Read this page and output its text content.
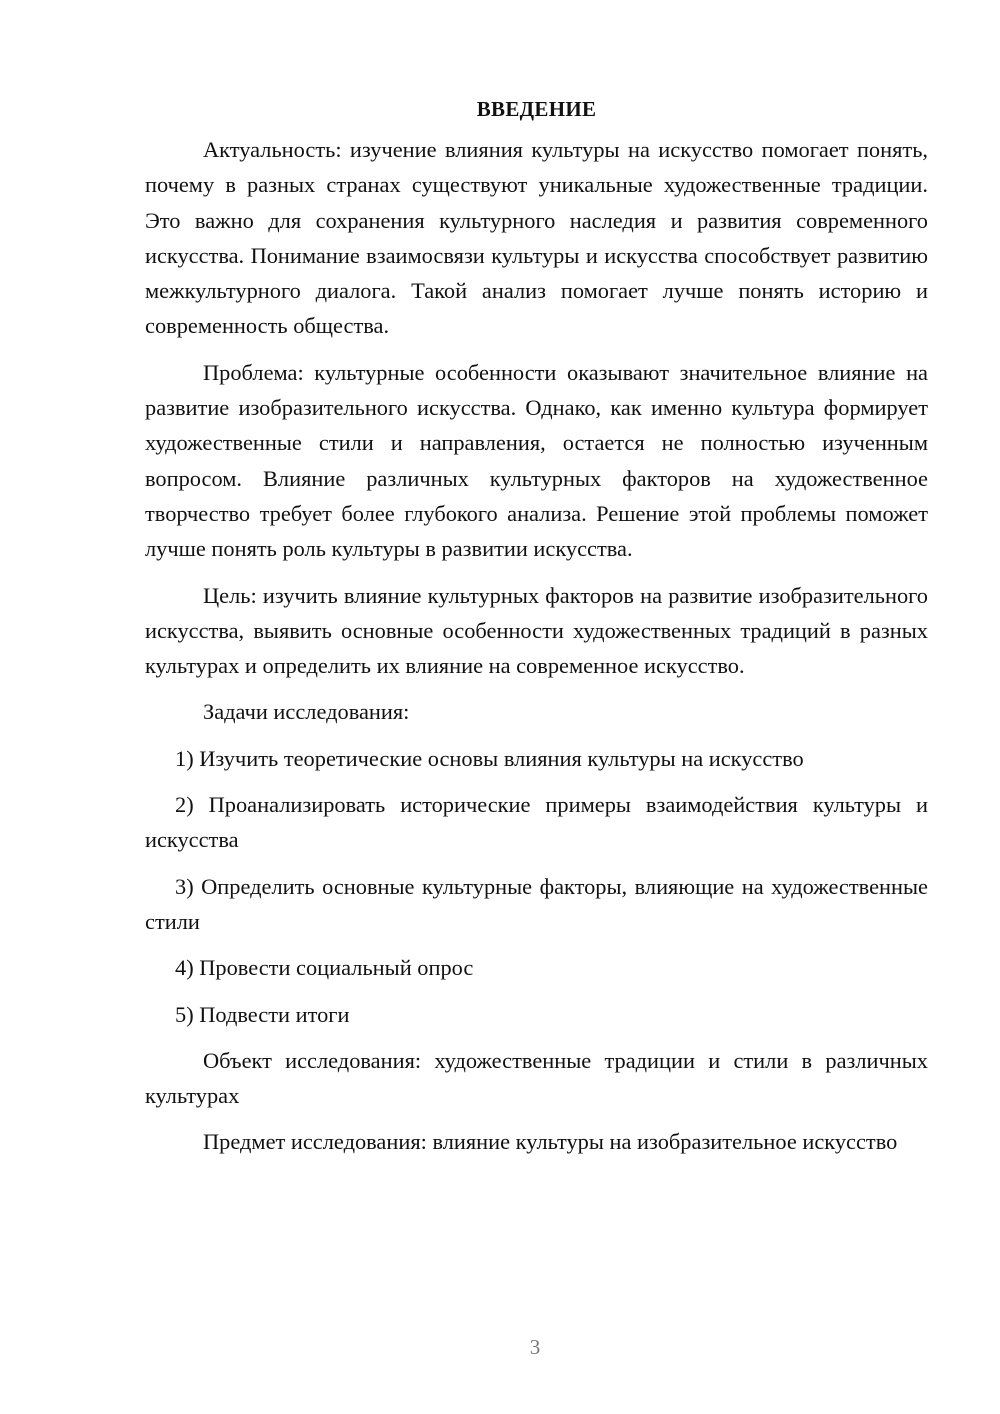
ВВЕДЕНИЕ

Актуальность: изучение влияния культуры на искусство помогает понять, почему в разных странах существуют уникальные художественные традиции. Это важно для сохранения культурного наследия и развития современного искусства. Понимание взаимосвязи культуры и искусства способствует развитию межкультурного диалога. Такой анализ помогает лучше понять историю и современность общества.

Проблема: культурные особенности оказывают значительное влияние на развитие изобразительного искусства. Однако, как именно культура формирует художественные стили и направления, остается не полностью изученным вопросом. Влияние различных культурных факторов на художественное творчество требует более глубокого анализа. Решение этой проблемы поможет лучше понять роль культуры в развитии искусства.

Цель: изучить влияние культурных факторов на развитие изобразительного искусства, выявить основные особенности художественных традиций в разных культурах и определить их влияние на современное искусство.

Задачи исследования:

1) Изучить теоретические основы влияния культуры на искусство

2) Проанализировать исторические примеры взаимодействия культуры и искусства

3) Определить основные культурные факторы, влияющие на художественные стили

4) Провести социальный опрос

5) Подвести итоги

Объект исследования: художественные традиции и стили в различных культурах

Предмет исследования: влияние культуры на изобразительное искусство

3
